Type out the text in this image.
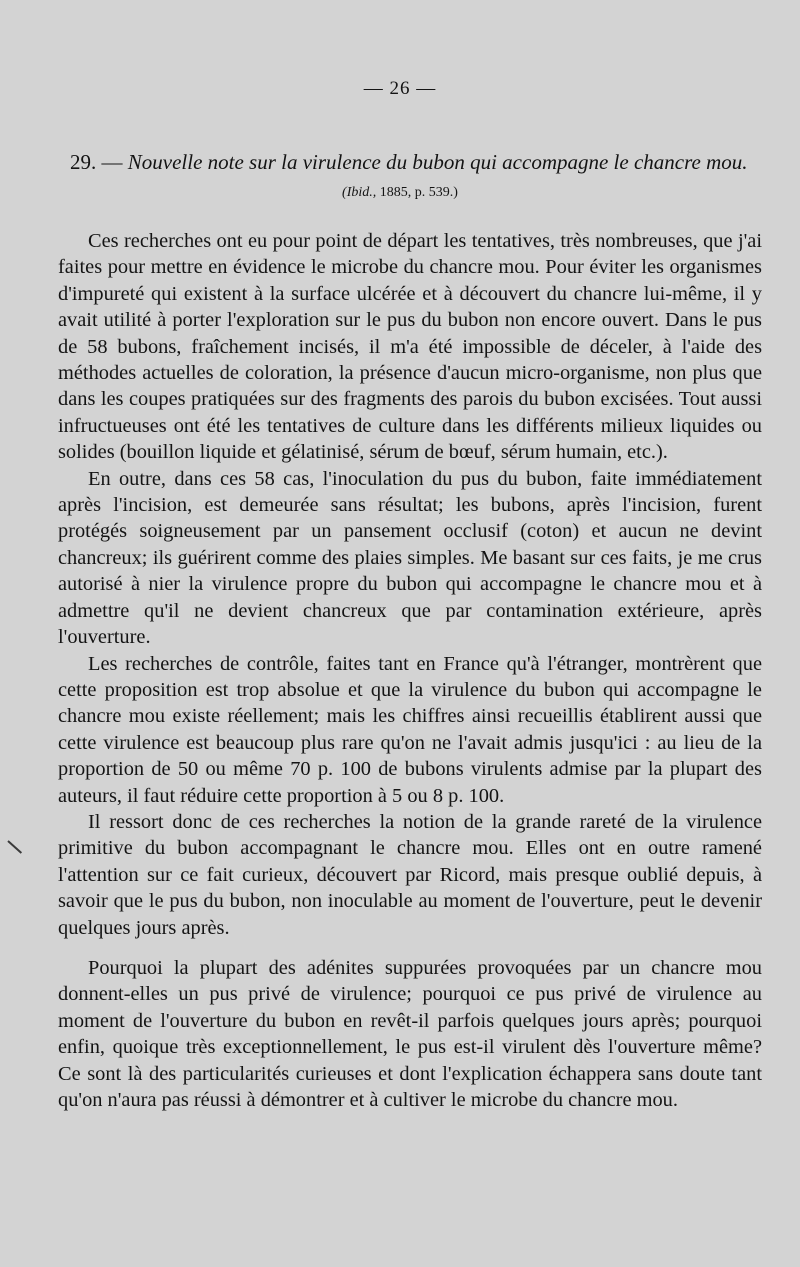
— 26 —
29. — Nouvelle note sur la virulence du bubon qui accompagne le chancre mou.
(Ibid., 1885, p. 539.)

Ces recherches ont eu pour point de départ les tentatives, très nombreuses, que j'ai faites pour mettre en évidence le microbe du chancre mou. Pour éviter les organismes d'impureté qui existent à la surface ulcérée et à découvert du chancre lui-même, il y avait utilité à porter l'exploration sur le pus du bubon non encore ouvert. Dans le pus de 58 bubons, fraîchement incisés, il m'a été impossible de déceler, à l'aide des méthodes actuelles de coloration, la présence d'aucun micro-organisme, non plus que dans les coupes pratiquées sur des fragments des parois du bubon excisées. Tout aussi infructueuses ont été les tentatives de culture dans les différents milieux liquides ou solides (bouillon liquide et gélatinisé, sérum de bœuf, sérum humain, etc.).

En outre, dans ces 58 cas, l'inoculation du pus du bubon, faite immédiatement après l'incision, est demeurée sans résultat; les bubons, après l'incision, furent protégés soigneusement par un pansement occlusif (coton) et aucun ne devint chancreux; ils guérirent comme des plaies simples. Me basant sur ces faits, je me crus autorisé à nier la virulence propre du bubon qui accompagne le chancre mou et à admettre qu'il ne devient chancreux que par contamination extérieure, après l'ouverture.

Les recherches de contrôle, faites tant en France qu'à l'étranger, montrèrent que cette proposition est trop absolue et que la virulence du bubon qui accompagne le chancre mou existe réellement; mais les chiffres ainsi recueillis établirent aussi que cette virulence est beaucoup plus rare qu'on ne l'avait admis jusqu'ici : au lieu de la proportion de 50 ou même 70 p. 100 de bubons virulents admise par la plupart des auteurs, il faut réduire cette proportion à 5 ou 8 p. 100.

Il ressort donc de ces recherches la notion de la grande rareté de la virulence primitive du bubon accompagnant le chancre mou. Elles ont en outre ramené l'attention sur ce fait curieux, découvert par Ricord, mais presque oublié depuis, à savoir que le pus du bubon, non inoculable au moment de l'ouverture, peut le devenir quelques jours après.

Pourquoi la plupart des adénites suppurées provoquées par un chancre mou donnent-elles un pus privé de virulence; pourquoi ce pus privé de virulence au moment de l'ouverture du bubon en revêt-il parfois quelques jours après; pourquoi enfin, quoique très exceptionnellement, le pus est-il virulent dès l'ouverture même? Ce sont là des particularités curieuses et dont l'explication échappera sans doute tant qu'on n'aura pas réussi à démontrer et à cultiver le microbe du chancre mou.
